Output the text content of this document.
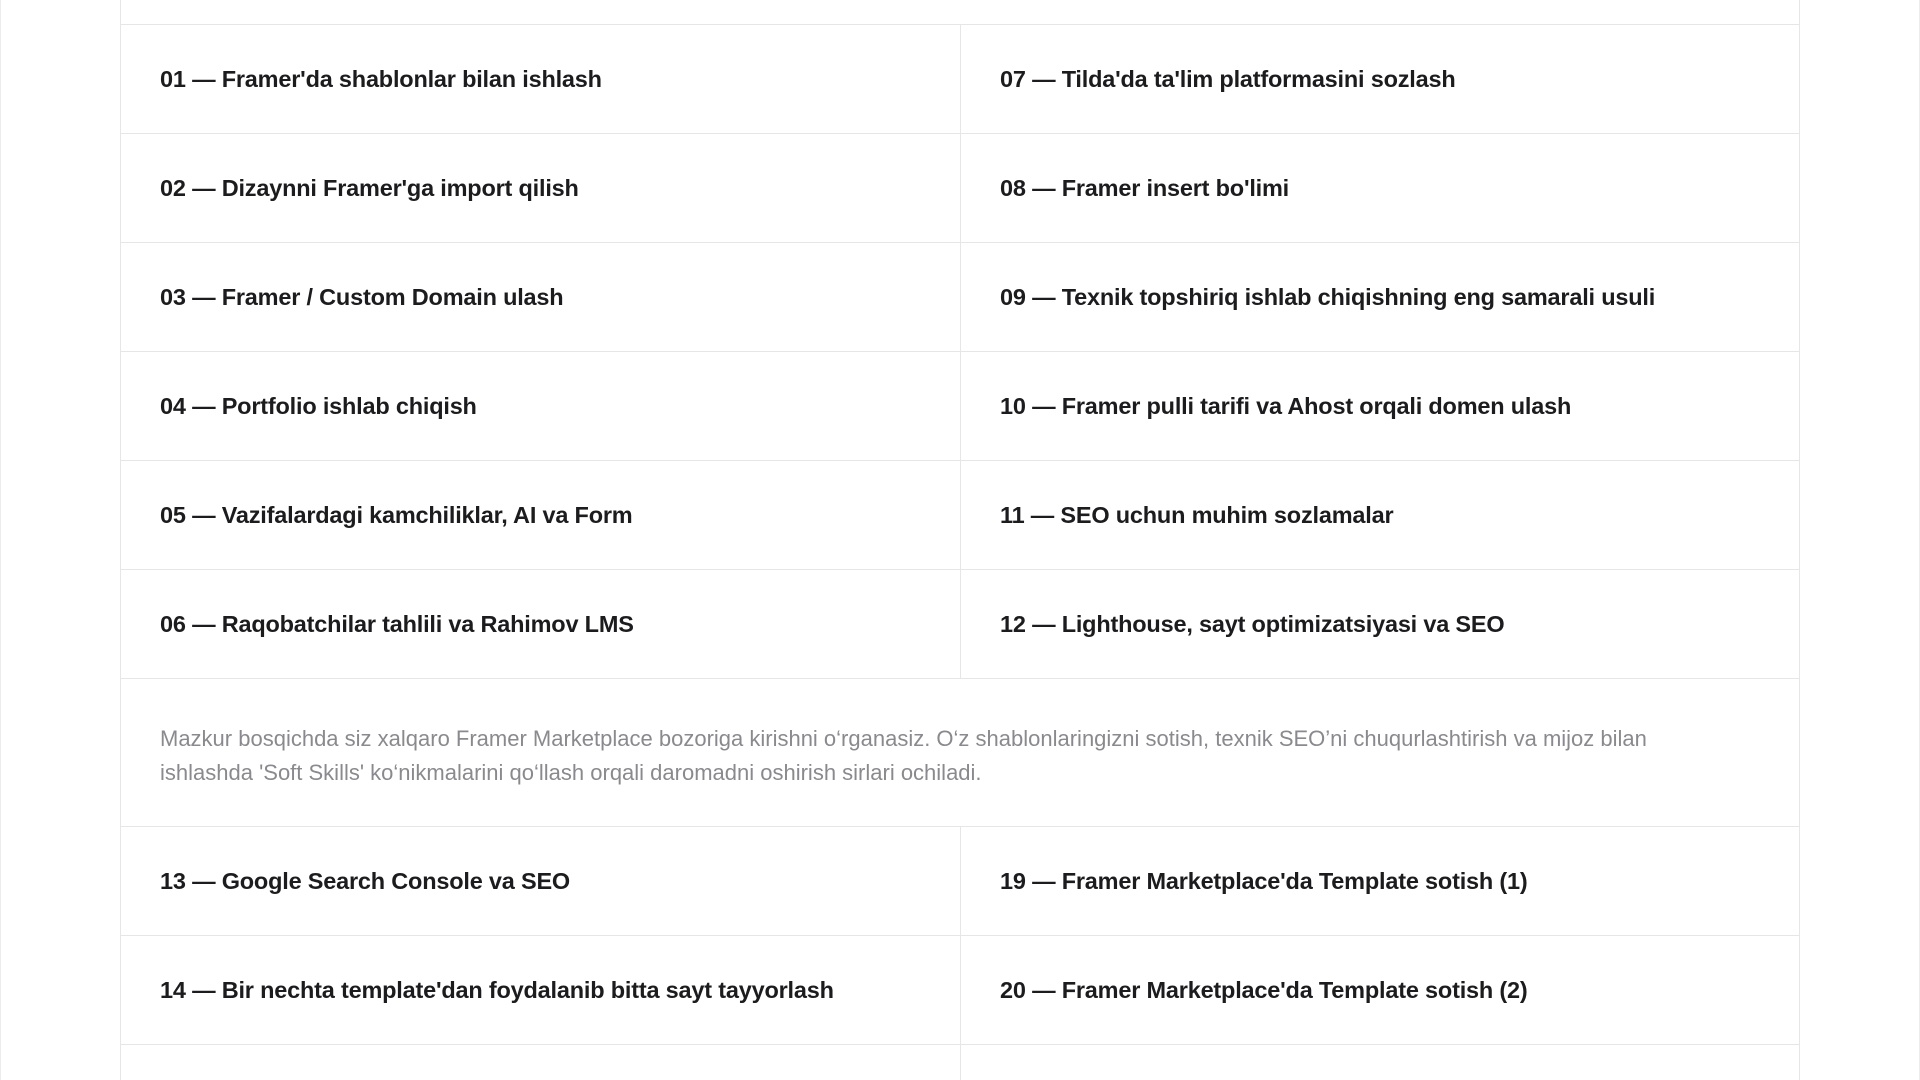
01 — Framer'da shablonlar bilan ishlash	07 — Tilda'da ta'lim platformasini sozlash
02 — Dizaynni Framer'ga import qilish	08 — Framer insert bo'limi
03 — Framer / Custom Domain ulash	09 — Texnik topshiriq ishlab chiqishning eng samarali usuli
04 — Portfolio ishlab chiqish	10 — Framer pulli tarifi va Ahost orqali domen ulash
05 — Vazifalardagi kamchiliklar, AI va Form	11 — SEO uchun muhim sozlamalar
06 — Raqobatchilar tahlili va Rahimov LMS	12 — Lighthouse, sayt optimizatsiyasi va SEO
Mazkur bosqichda siz xalqaro Framer Marketplace bozoriga kirishni o‘rganasiz. O‘z shablonlaringizni sotish, texnik SEO’ni chuqurlashtirish va mijoz bilan ishlashda 'Soft Skills' ko‘nikmalarini qo‘llash orqali daromadni oshirish sirlari ochiladi.
13 — Google Search Console va SEO	19 — Framer Marketplace'da Template sotish (1)
14 — Bir nechta template'dan foydalanib bitta sayt tayyorlash	20 — Framer Marketplace'da Template sotish (2)
